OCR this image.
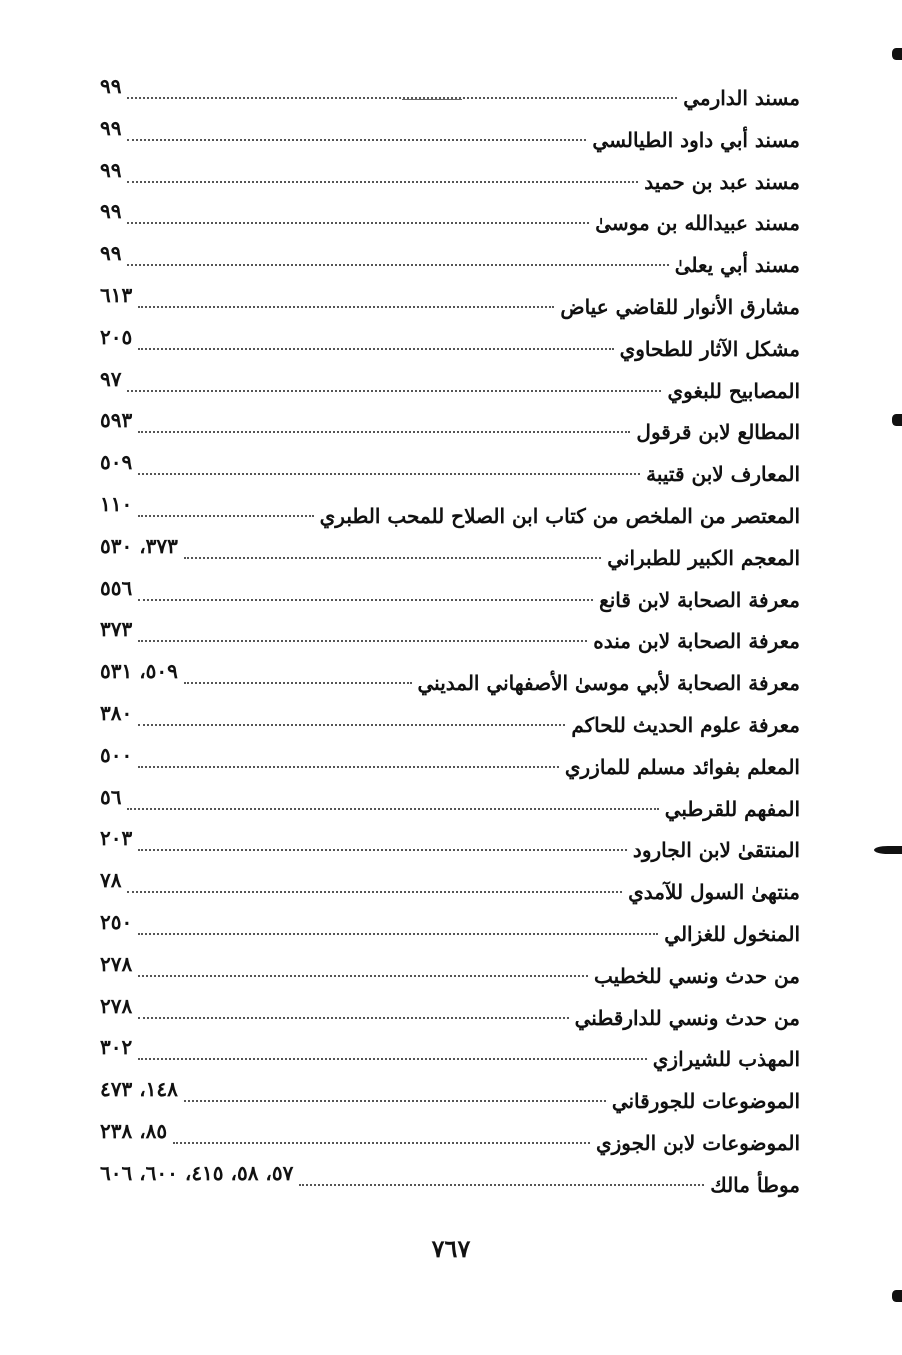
مسند الدارمي
٩٩
مسند أبي داود الطيالسي
٩٩
مسند عبد بن حميد
٩٩
مسند عبيدالله بن موسىٰ
٩٩
مسند أبي يعلىٰ
٩٩
مشارق الأنوار للقاضي عياض
٦١٣
مشكل الآثار للطحاوي
٢٠٥
المصابيح للبغوي
٩٧
المطالع لابن قرقول
٥٩٣
المعارف لابن قتيبة
٥٠٩
المعتصر من الملخص من كتاب ابن الصلاح للمحب الطبري
١١٠
المعجم الكبير للطبراني
٣٧٣، ٥٣٠
معرفة الصحابة لابن قانع
٥٥٦
معرفة الصحابة لابن منده
٣٧٣
معرفة الصحابة لأبي موسىٰ الأصفهاني المديني
٥٠٩، ٥٣١
معرفة علوم الحديث للحاكم
٣٨٠
المعلم بفوائد مسلم للمازري
٥٠٠
المفهم للقرطبي
٥٦
المنتقىٰ لابن الجارود
٢٠٣
منتهىٰ السول للآمدي
٧٨
المنخول للغزالي
٢٥٠
من حدث ونسي للخطيب
٢٧٨
من حدث ونسي للدارقطني
٢٧٨
المهذب للشيرازي
٣٠٢
الموضوعات للجورقاني
١٤٨، ٤٧٣
الموضوعات لابن الجوزي
٨٥، ٢٣٨
موطأ مالك
٥٧، ٥٨، ٤١٥، ٦٠٠، ٦٠٦
٧٦٧
